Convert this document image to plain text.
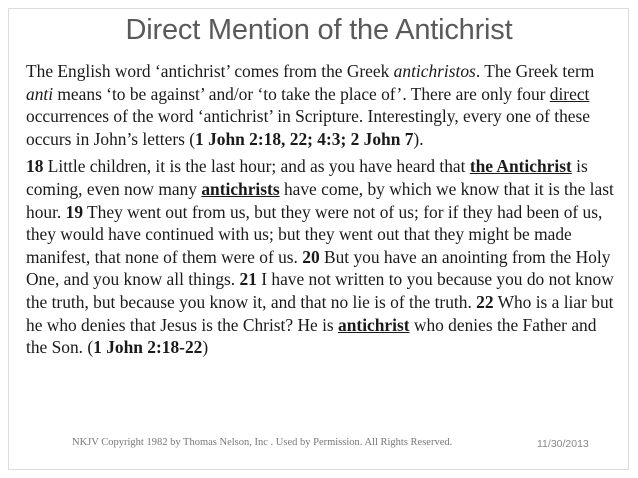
Direct Mention of the Antichrist

The English word ‘antichrist’ comes from the Greek antichristos. The Greek term anti means ‘to be against’ and/or ‘to take the place of’. There are only four direct occurrences of the word ‘antichrist’ in Scripture. Interestingly, every one of these occurs in John’s letters (1 John 2:18, 22; 4:3; 2 John 7).

18 Little children, it is the last hour; and as you have heard that the Antichrist is coming, even now many antichrists have come, by which we know that it is the last hour. 19 They went out from us, but they were not of us; for if they had been of us, they would have continued with us; but they went out that they might be made manifest, that none of them were of us. 20 But you have an anointing from the Holy One, and you know all things. 21 I have not written to you because you do not know the truth, but because you know it, and that no lie is of the truth. 22 Who is a liar but he who denies that Jesus is the Christ? He is antichrist who denies the Father and the Son. (1 John 2:18-22)

NKJV Copyright 1982 by Thomas Nelson, Inc . Used by Permission. All Rights Reserved.	11/30/2013
